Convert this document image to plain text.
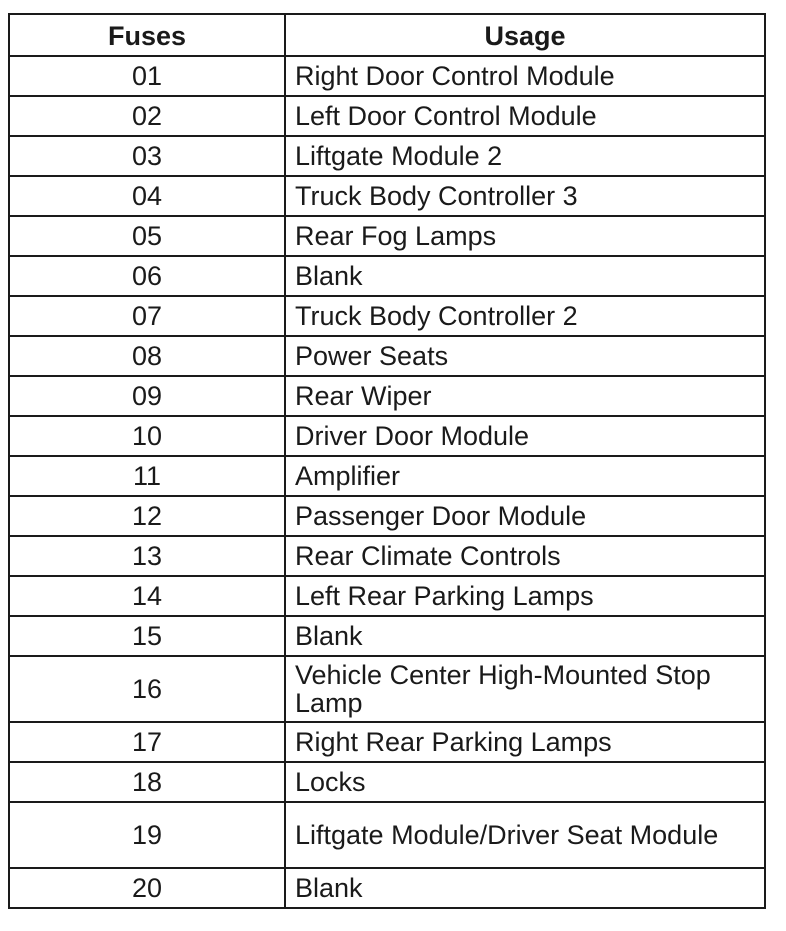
Fuses	Usage
01	Right Door Control Module
02	Left Door Control Module
03	Liftgate Module 2
04	Truck Body Controller 3
05	Rear Fog Lamps
06	Blank
07	Truck Body Controller 2
08	Power Seats
09	Rear Wiper
10	Driver Door Module
11	Amplifier
12	Passenger Door Module
13	Rear Climate Controls
14	Left Rear Parking Lamps
15	Blank
16	Vehicle Center High-Mounted Stop Lamp
17	Right Rear Parking Lamps
18	Locks
19	Liftgate Module/Driver Seat Module
20	Blank
